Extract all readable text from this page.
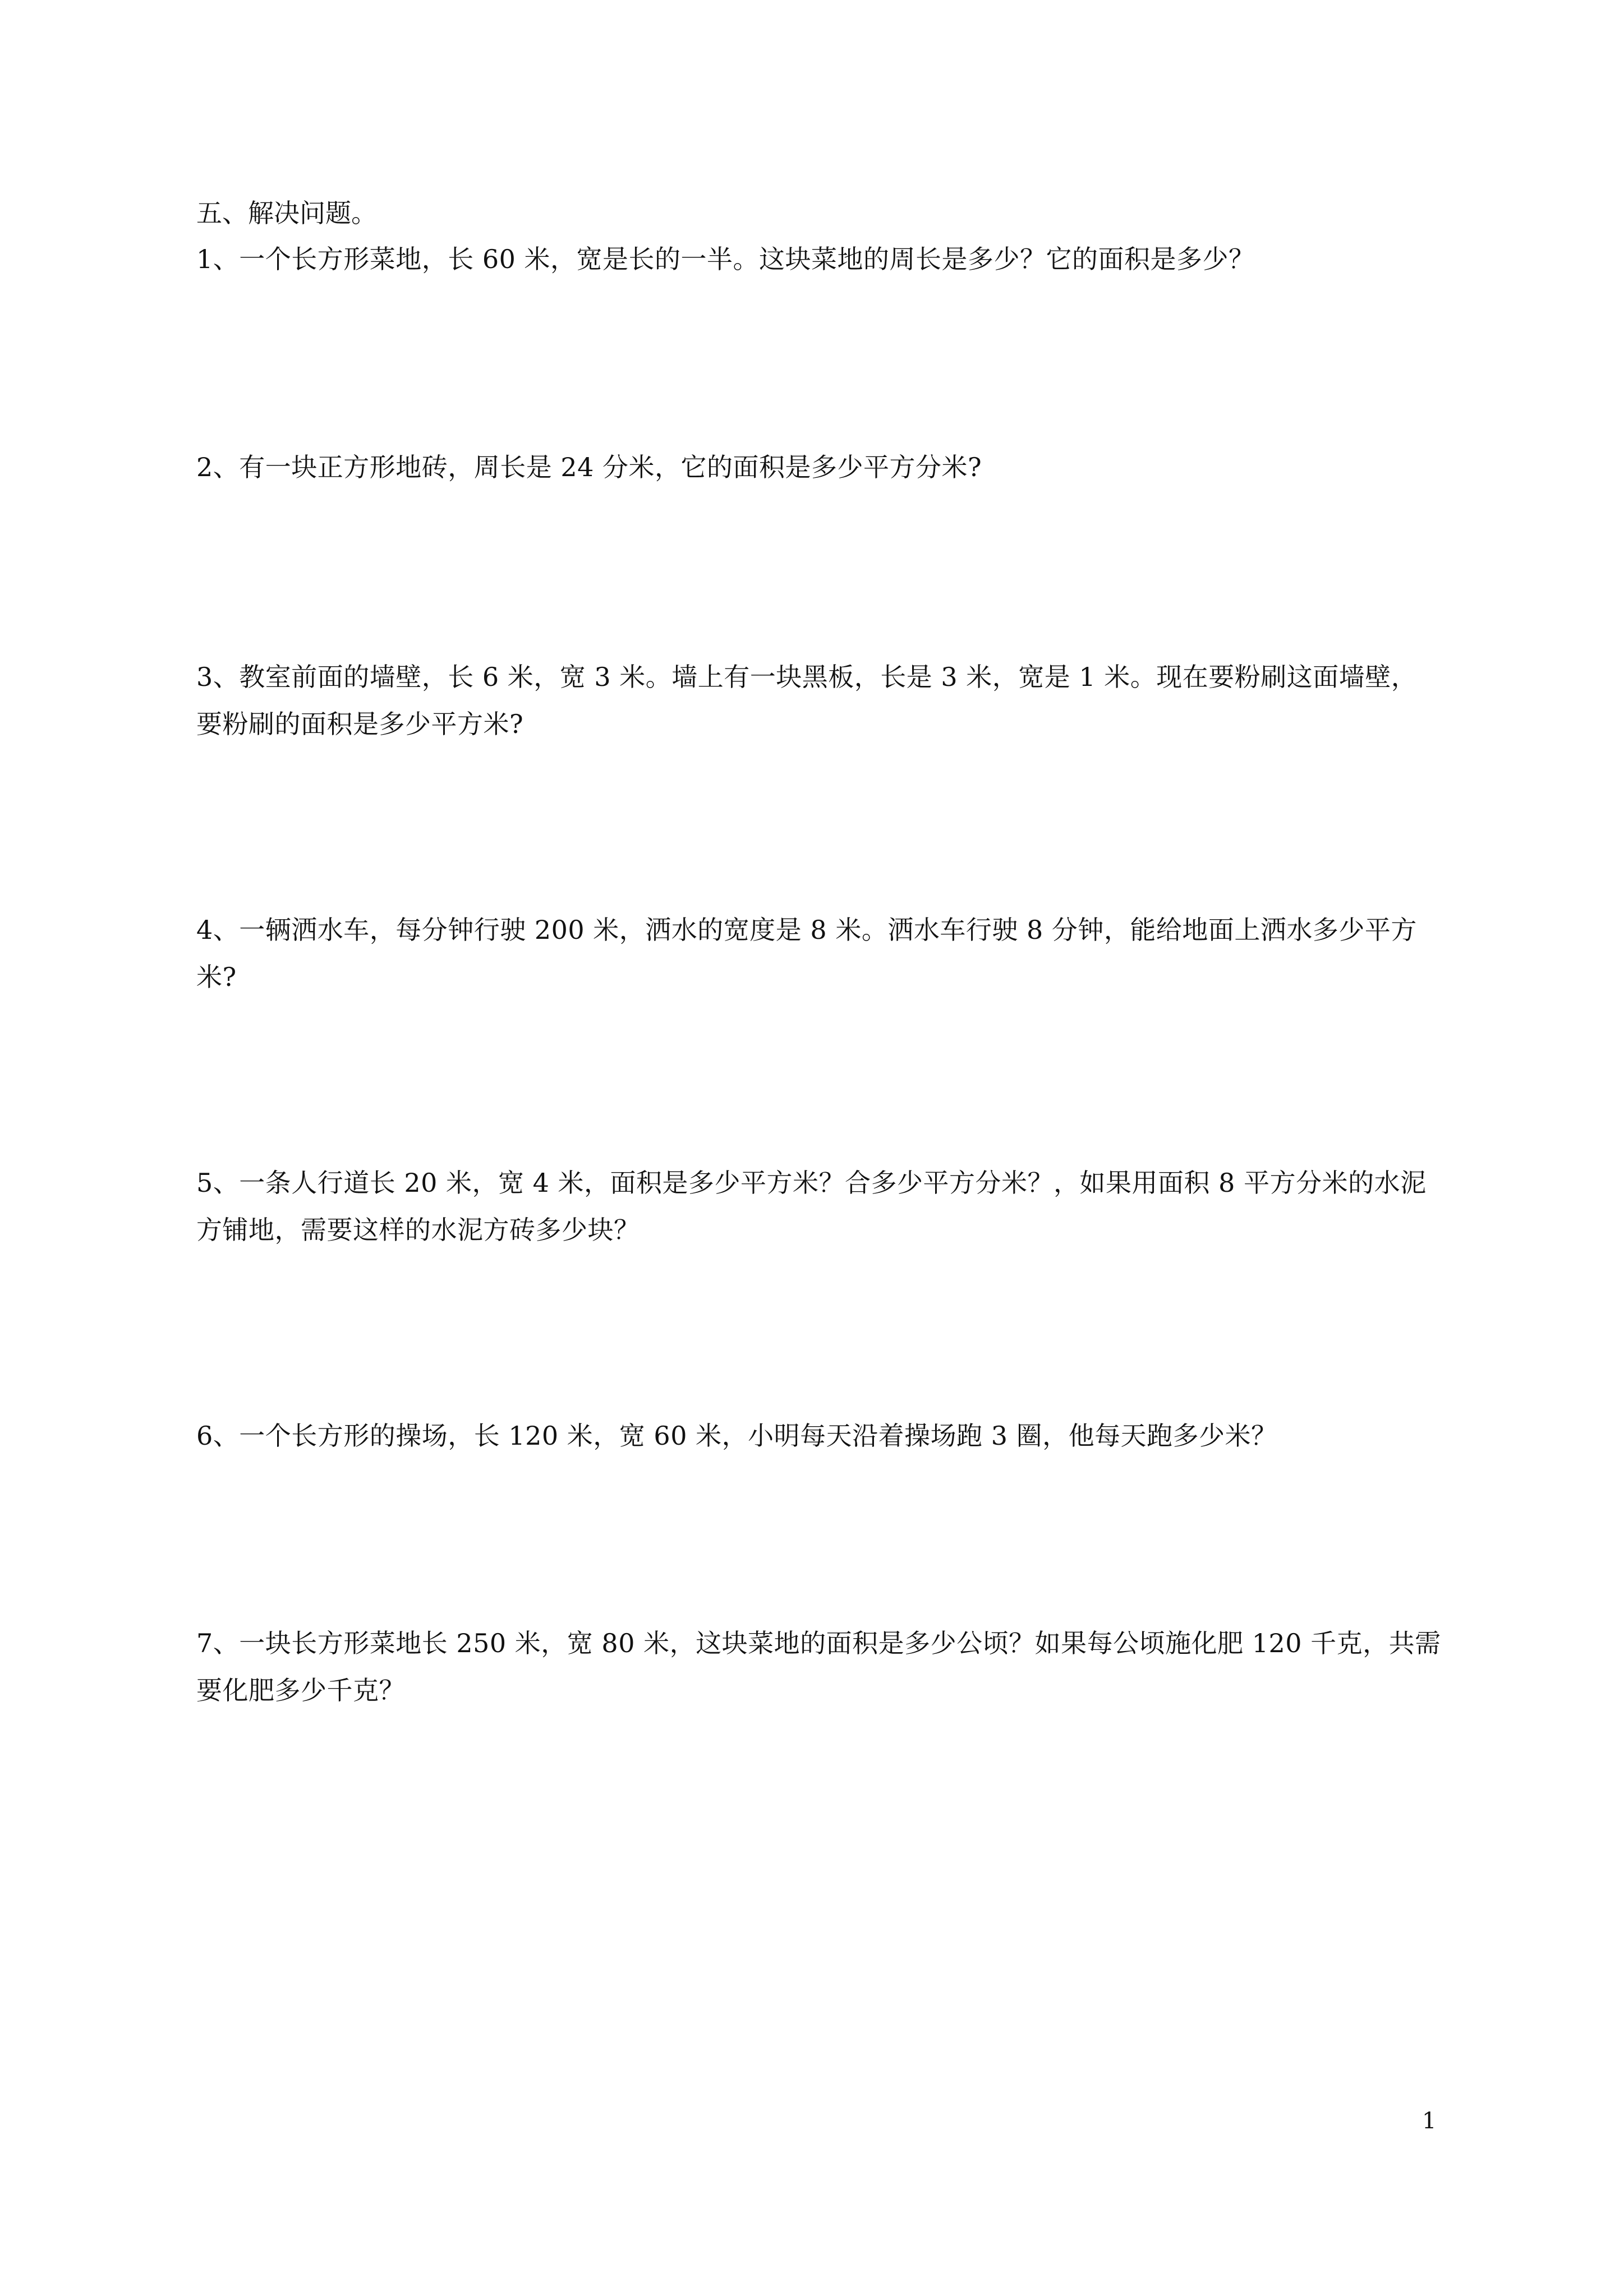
五、解决问题。

1、一个长方形菜地，长 60 米，宽是长的一半。这块菜地的周长是多少？它的面积是多少？

2、有一块正方形地砖，周长是 24 分米，它的面积是多少平方分米?

3、教室前面的墙壁，长 6 米，宽 3 米。墙上有一块黑板，长是 3 米，宽是 1 米。现在要粉刷这面墙壁，要粉刷的面积是多少平方米?

4、一辆洒水车，每分钟行驶 200 米，洒水的宽度是 8 米。洒水车行驶 8 分钟，能给地面上洒水多少平方米?

5、一条人行道长 20 米，宽 4 米，面积是多少平方米？合多少平方分米？，如果用面积 8 平方分米的水泥方铺地，需要这样的水泥方砖多少块？

6、一个长方形的操场，长 120 米，宽 60 米，小明每天沿着操场跑 3 圈，他每天跑多少米？

7、一块长方形菜地长 250 米，宽 80 米，这块菜地的面积是多少公顷？如果每公顷施化肥 120 千克，共需要化肥多少千克？

1
